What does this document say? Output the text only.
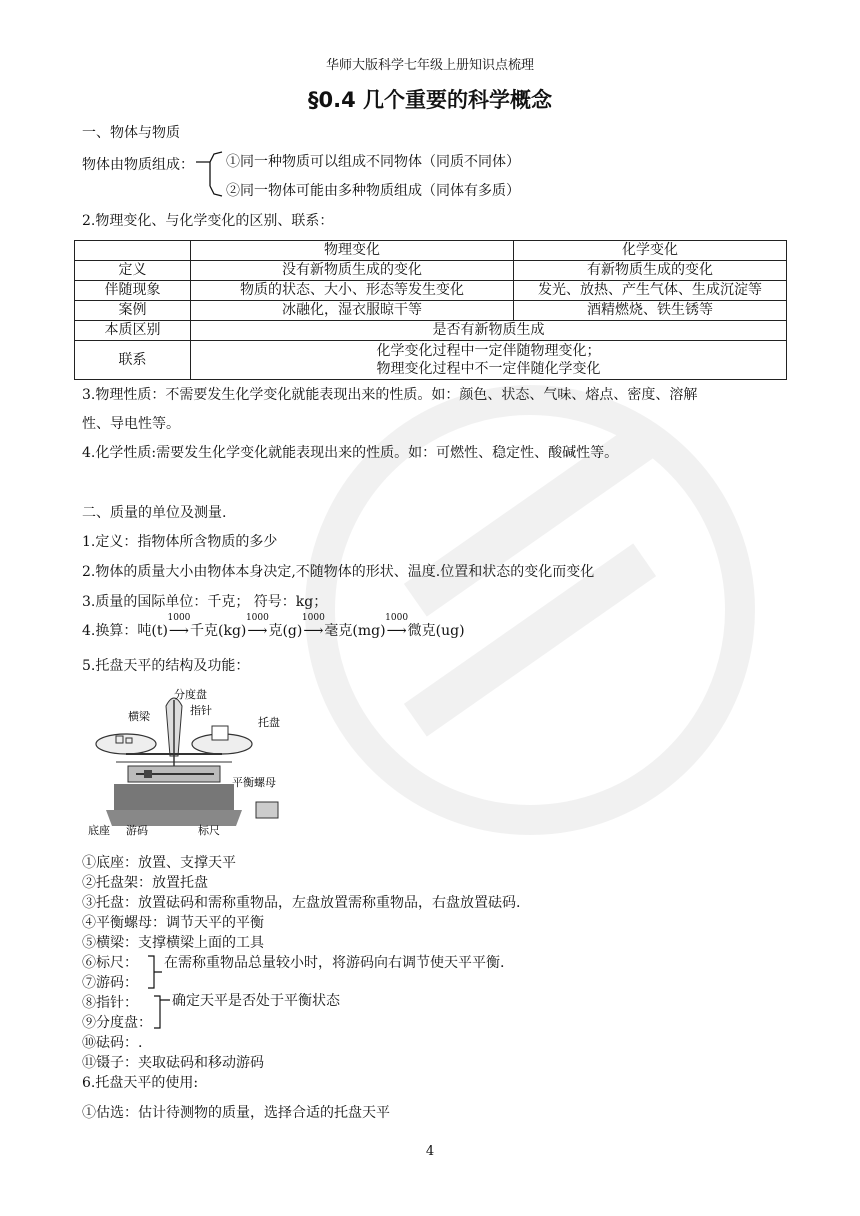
华师大版科学七年级上册知识点梳理
§0.4 几个重要的科学概念
一、物体与物质
物体由物质组成： ①同一种物质可以组成不同物体（同质不同体）
②同一物体可能由多种物质组成（同体有多质）
2.物理变化、与化学变化的区别、联系：
	物理变化	化学变化
定义	没有新物质生成的变化	有新物质生成的变化
伴随现象	物质的状态、大小、形态等发生变化	发光、放热、产生气体、生成沉淀等
案例	冰融化，湿衣服晾干等	酒精燃烧、铁生锈等
本质区别	是否有新物质生成	
联系	化学变化过程中一定伴随物理变化；
物理变化过程中不一定伴随化学变化	
3.物理性质：不需要发生化学变化就能表现出来的性质。如：颜色、状态、气味、熔点、密度、溶解
性、导电性等。
4.化学性质:需要发生化学变化就能表现出来的性质。如：可燃性、稳定性、酸碱性等。
二、质量的单位及测量.
1.定义：指物体所含物质的多少
2.物体的质量大小由物体本身决定,不随物体的形状、温度.位置和状态的变化而变化
3.质量的国际单位：千克； 符号：kg；
4.换算：吨(t)
1000
⟶千克(kg)
1000
⟶克(g)
1000
⟶毫克(mg)
1000
⟶微克(ug)
5.托盘天平的结构及功能：
分度盘
指针
横梁	托盘
平衡螺母
底座 游码	标尺
①底座：放置、支撑天平
②托盘架：放置托盘
③托盘：放置砝码和需称重物品，左盘放置需称重物品，右盘放置砝码.
④平衡螺母：调节天平的平衡
⑤横梁：支撑横梁上面的工具
⑥标尺：
⑦游码：
在需称重物品总量较小时，将游码向右调节使天平平衡.
⑧指针：
⑨分度盘：
确定天平是否处于平衡状态
⑩砝码：.
⑪镊子：夹取砝码和移动游码
6.托盘天平的使用:
①估选：估计待测物的质量，选择合适的托盘天平
4
